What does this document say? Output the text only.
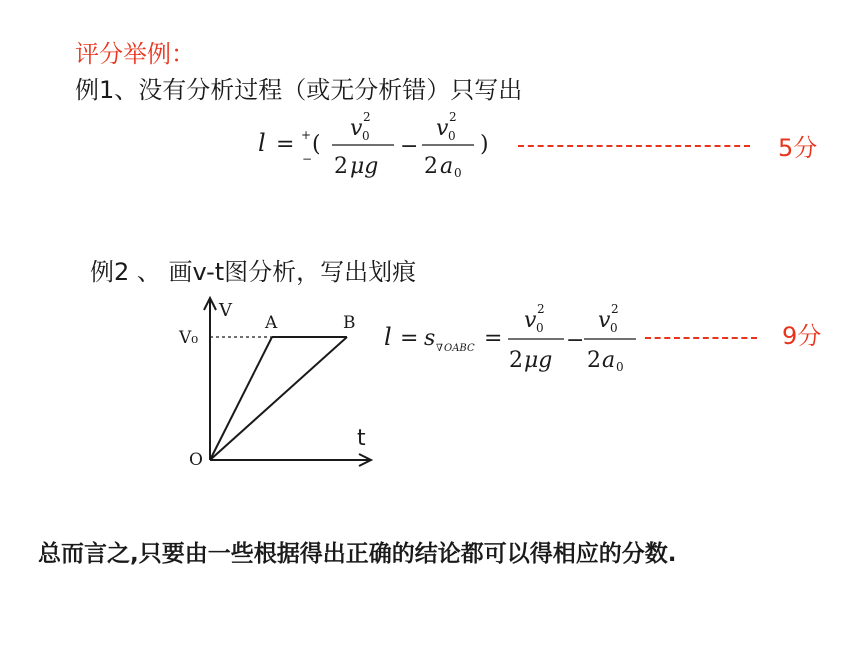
评分举例：
例1、没有分析过程（或无分析错）只写出
l = +
−
(
v 0
2
2 μg
−
v 0
2
2 a 0
)	5分
例2 、 画v-t图分析，写出划痕
V
t
V₀
O
A	B l = s ∇ OABC =
v 0
2
2 μg
−
v 0
2
2 a 0
9分
总而言之,只要由一些根据得出正确的结论都可以得相应的分数.
